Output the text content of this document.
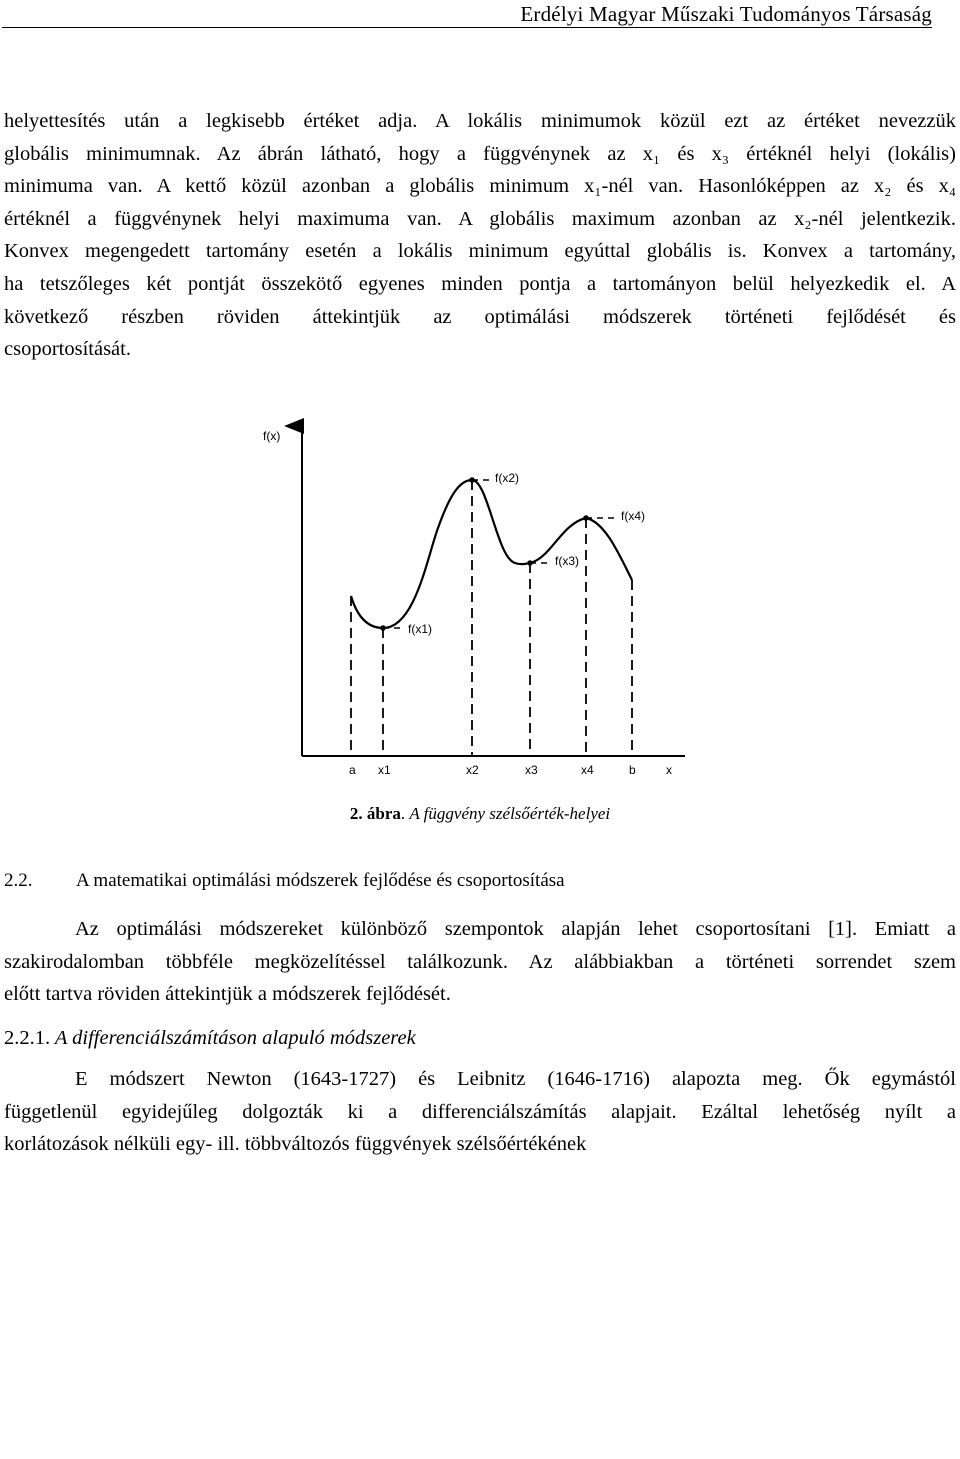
Erdélyi Magyar Műszaki Tudományos Társaság
helyettesítés után a legkisebb értéket adja. A lokális minimumok közül ezt az értéket nevezzük
globális minimumnak. Az ábrán látható, hogy a függvénynek az x₁ és x₃ értéknél helyi (lokális)
minimuma van. A kettő közül azonban a globális minimum x₁-nél van. Hasonlóképpen az x₂ és x₄
értéknél a függvénynek helyi maximuma van. A globális maximum azonban az x₂-nél jelentkezik.
Konvex megengedett tartomány esetén a lokális minimum egyúttal globális is. Konvex a tartomány,
ha tetszőleges két pontját összekötő egyenes minden pontja a tartományon belül helyezkedik el. A
következő részben röviden áttekintjük az optimálási módszerek történeti fejlődését és
csoportosítását.
f(x)
f(x2)
f(x4)
f(x3)
f(x1)
a x1	x2	x3	x4	b	x
2. ábra. A függvény szélsőérték-helyei
2.2. A matematikai optimálási módszerek fejlődése és csoportosítása
Az optimálási módszereket különböző szempontok alapján lehet csoportosítani [1]. Emiatt a
szakirodalomban többféle megközelítéssel találkozunk. Az alábbiakban a történeti sorrendet szem
előtt tartva röviden áttekintjük a módszerek fejlődését.
2.2.1. A differenciálszámításon alapuló módszerek
E módszert Newton (1643-1727) és Leibnitz (1646-1716) alapozta meg. Ők egymástól
függetlenül egyidejűleg dolgozták ki a differenciálszámítás alapjait. Ezáltal lehetőség nyílt a
korlátozások nélküli egy- ill. többváltozós függvények szélsőértékének
